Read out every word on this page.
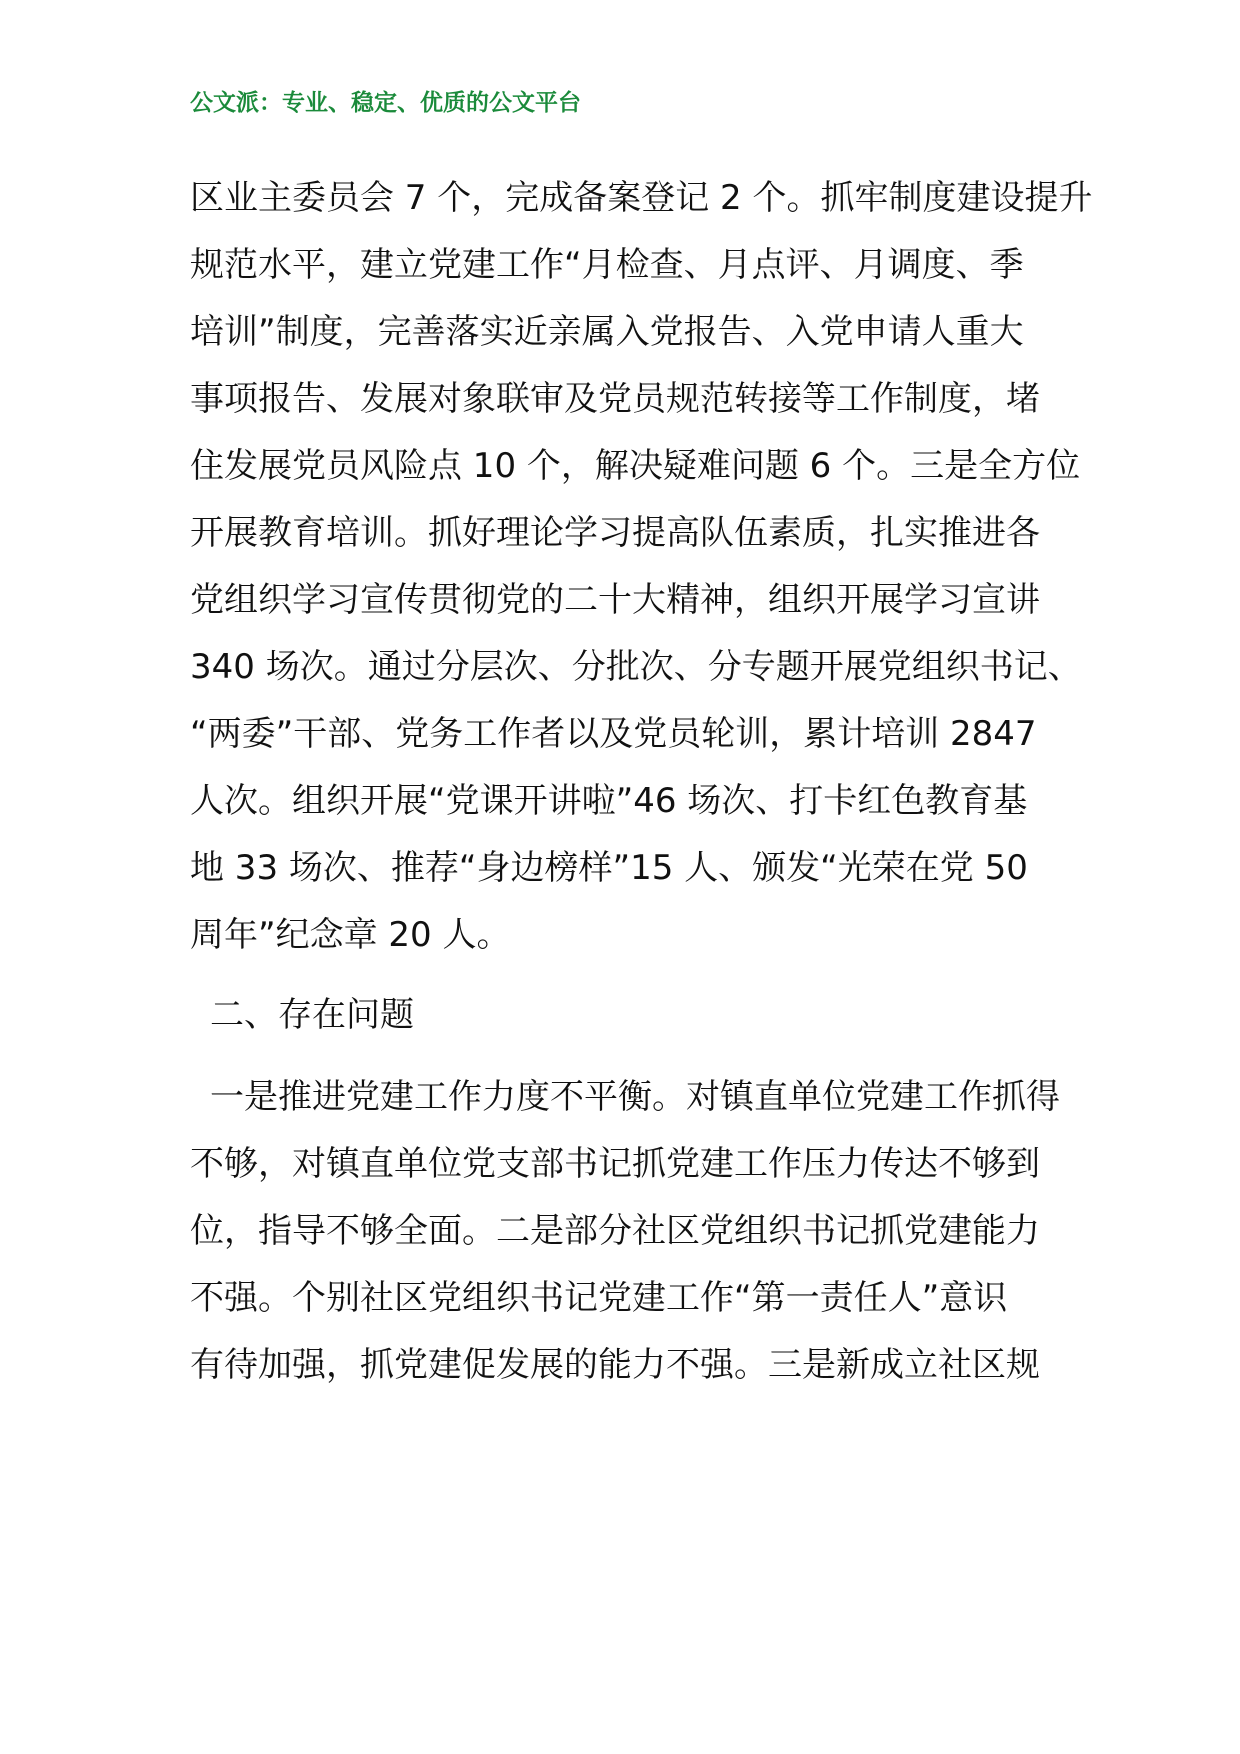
公文派：专业、稳定、优质的公文平台
区业主委员会 7 个，完成备案登记 2 个。抓牢制度建设提升
规范水平，建立党建工作“月检查、月点评、月调度、季
培训”制度，完善落实近亲属入党报告、入党申请人重大
事项报告、发展对象联审及党员规范转接等工作制度，堵
住发展党员风险点 10 个，解决疑难问题 6 个。三是全方位
开展教育培训。抓好理论学习提高队伍素质，扎实推进各
党组织学习宣传贯彻党的二十大精神，组织开展学习宣讲
340 场次。通过分层次、分批次、分专题开展党组织书记、
“两委”干部、党务工作者以及党员轮训，累计培训 2847
人次。组织开展“党课开讲啦”46 场次、打卡红色教育基
地 33 场次、推荐“身边榜样”15 人、颁发“光荣在党 50
周年”纪念章 20 人。
二、存在问题
一是推进党建工作力度不平衡。对镇直单位党建工作抓得
不够，对镇直单位党支部书记抓党建工作压力传达不够到
位，指导不够全面。二是部分社区党组织书记抓党建能力
不强。个别社区党组织书记党建工作“第一责任人”意识
有待加强，抓党建促发展的能力不强。三是新成立社区规
